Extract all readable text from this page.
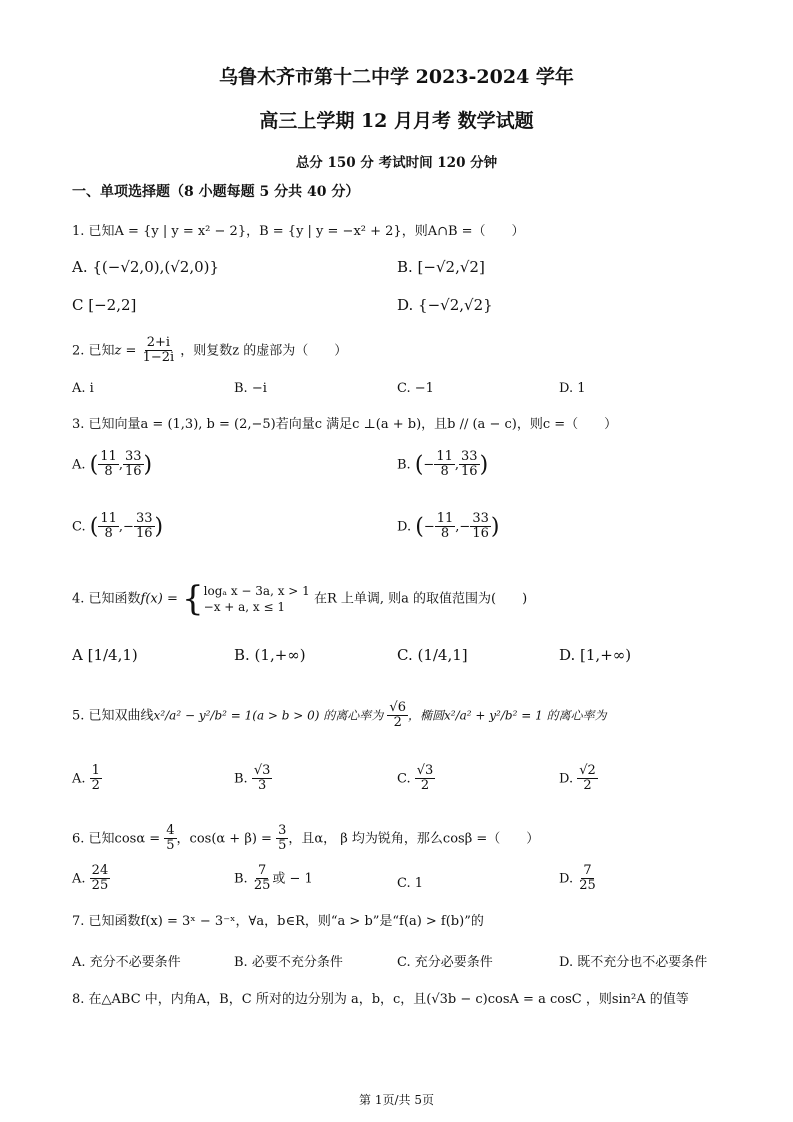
乌鲁木齐市第十二中学 2023-2024 学年
高三上学期 12 月月考 数学试题
总分 150 分 考试时间 120 分钟
一、单项选择题（8 小题每题 5 分共 40 分）
1. 已知A = {y | y = x² − 2}，B = {y | y = −x² + 2}，则A∩B =（　　）
A. {(−√2,0),(√2,0)}	B. [−√2,√2]
C [−2,2]	D. {−√2,√2}
2. 已知$z = \frac{2+i}{1-2i}$ ，则复数z 的虚部为（　　）
A. i	B. −i	C. −1	D. 1
3. 已知向量a = (1,3), b = (2,−5)若向量c 满足c ⊥(a + b)，且b // (a − c)，则c =（　　）
A. ( $\frac{11}{8}$ , $\frac{33}{16}$ )	B. (− $\frac{11}{8}$ , $\frac{33}{16}$ )
C. ( $\frac{11}{8}$ ,− $\frac{33}{16}$ )	D. (− $\frac{11}{8}$ ,− $\frac{33}{16}$ )
4. 已知函数f(x) = { logₐ x − 3a, x > 1
−x + a, x ≤ 1
在R 上单调, 则a 的取值范围为(　　)
A [1/4,1)	B. (1,+∞)	C. (1/4,1]	D. [1,+∞)
5. 已知双曲线x²/a² − y²/b² = 1(a > b > 0) 的离心率为 $\frac{√6}{2}$ ，椭圆x²/a² + y²/b² = 1 的离心率为
A. $\frac{1}{2}$	B. $\frac{√3}{3}$	C. $\frac{√3}{2}$	D. $\frac{√2}{2}$
6. 已知$\cos\alpha = \frac{4}{5}$ ，$\cos(\alpha + \beta) = \frac{3}{5}$ ，且α， β 均为锐角，那么cosβ =（　　）
A. $\frac{24}{25}$	B. $\frac{7}{25}$ 或 − 1	C. 1	D. $\frac{7}{25}$
7. 已知函数f(x) = 3ˣ − 3⁻ˣ，∀a，b∈R，则“a > b”是“f(a) > f(b)”的
A. 充分不必要条件	B. 必要不充分条件	C. 充分必要条件	D. 既不充分也不必要条件
8. 在△ABC 中，内角A，B，C 所对的边分别为 a，b，c，且(√3b − c)cosA = a cosC ，则sin²A 的值等
第 1页/共 5页
